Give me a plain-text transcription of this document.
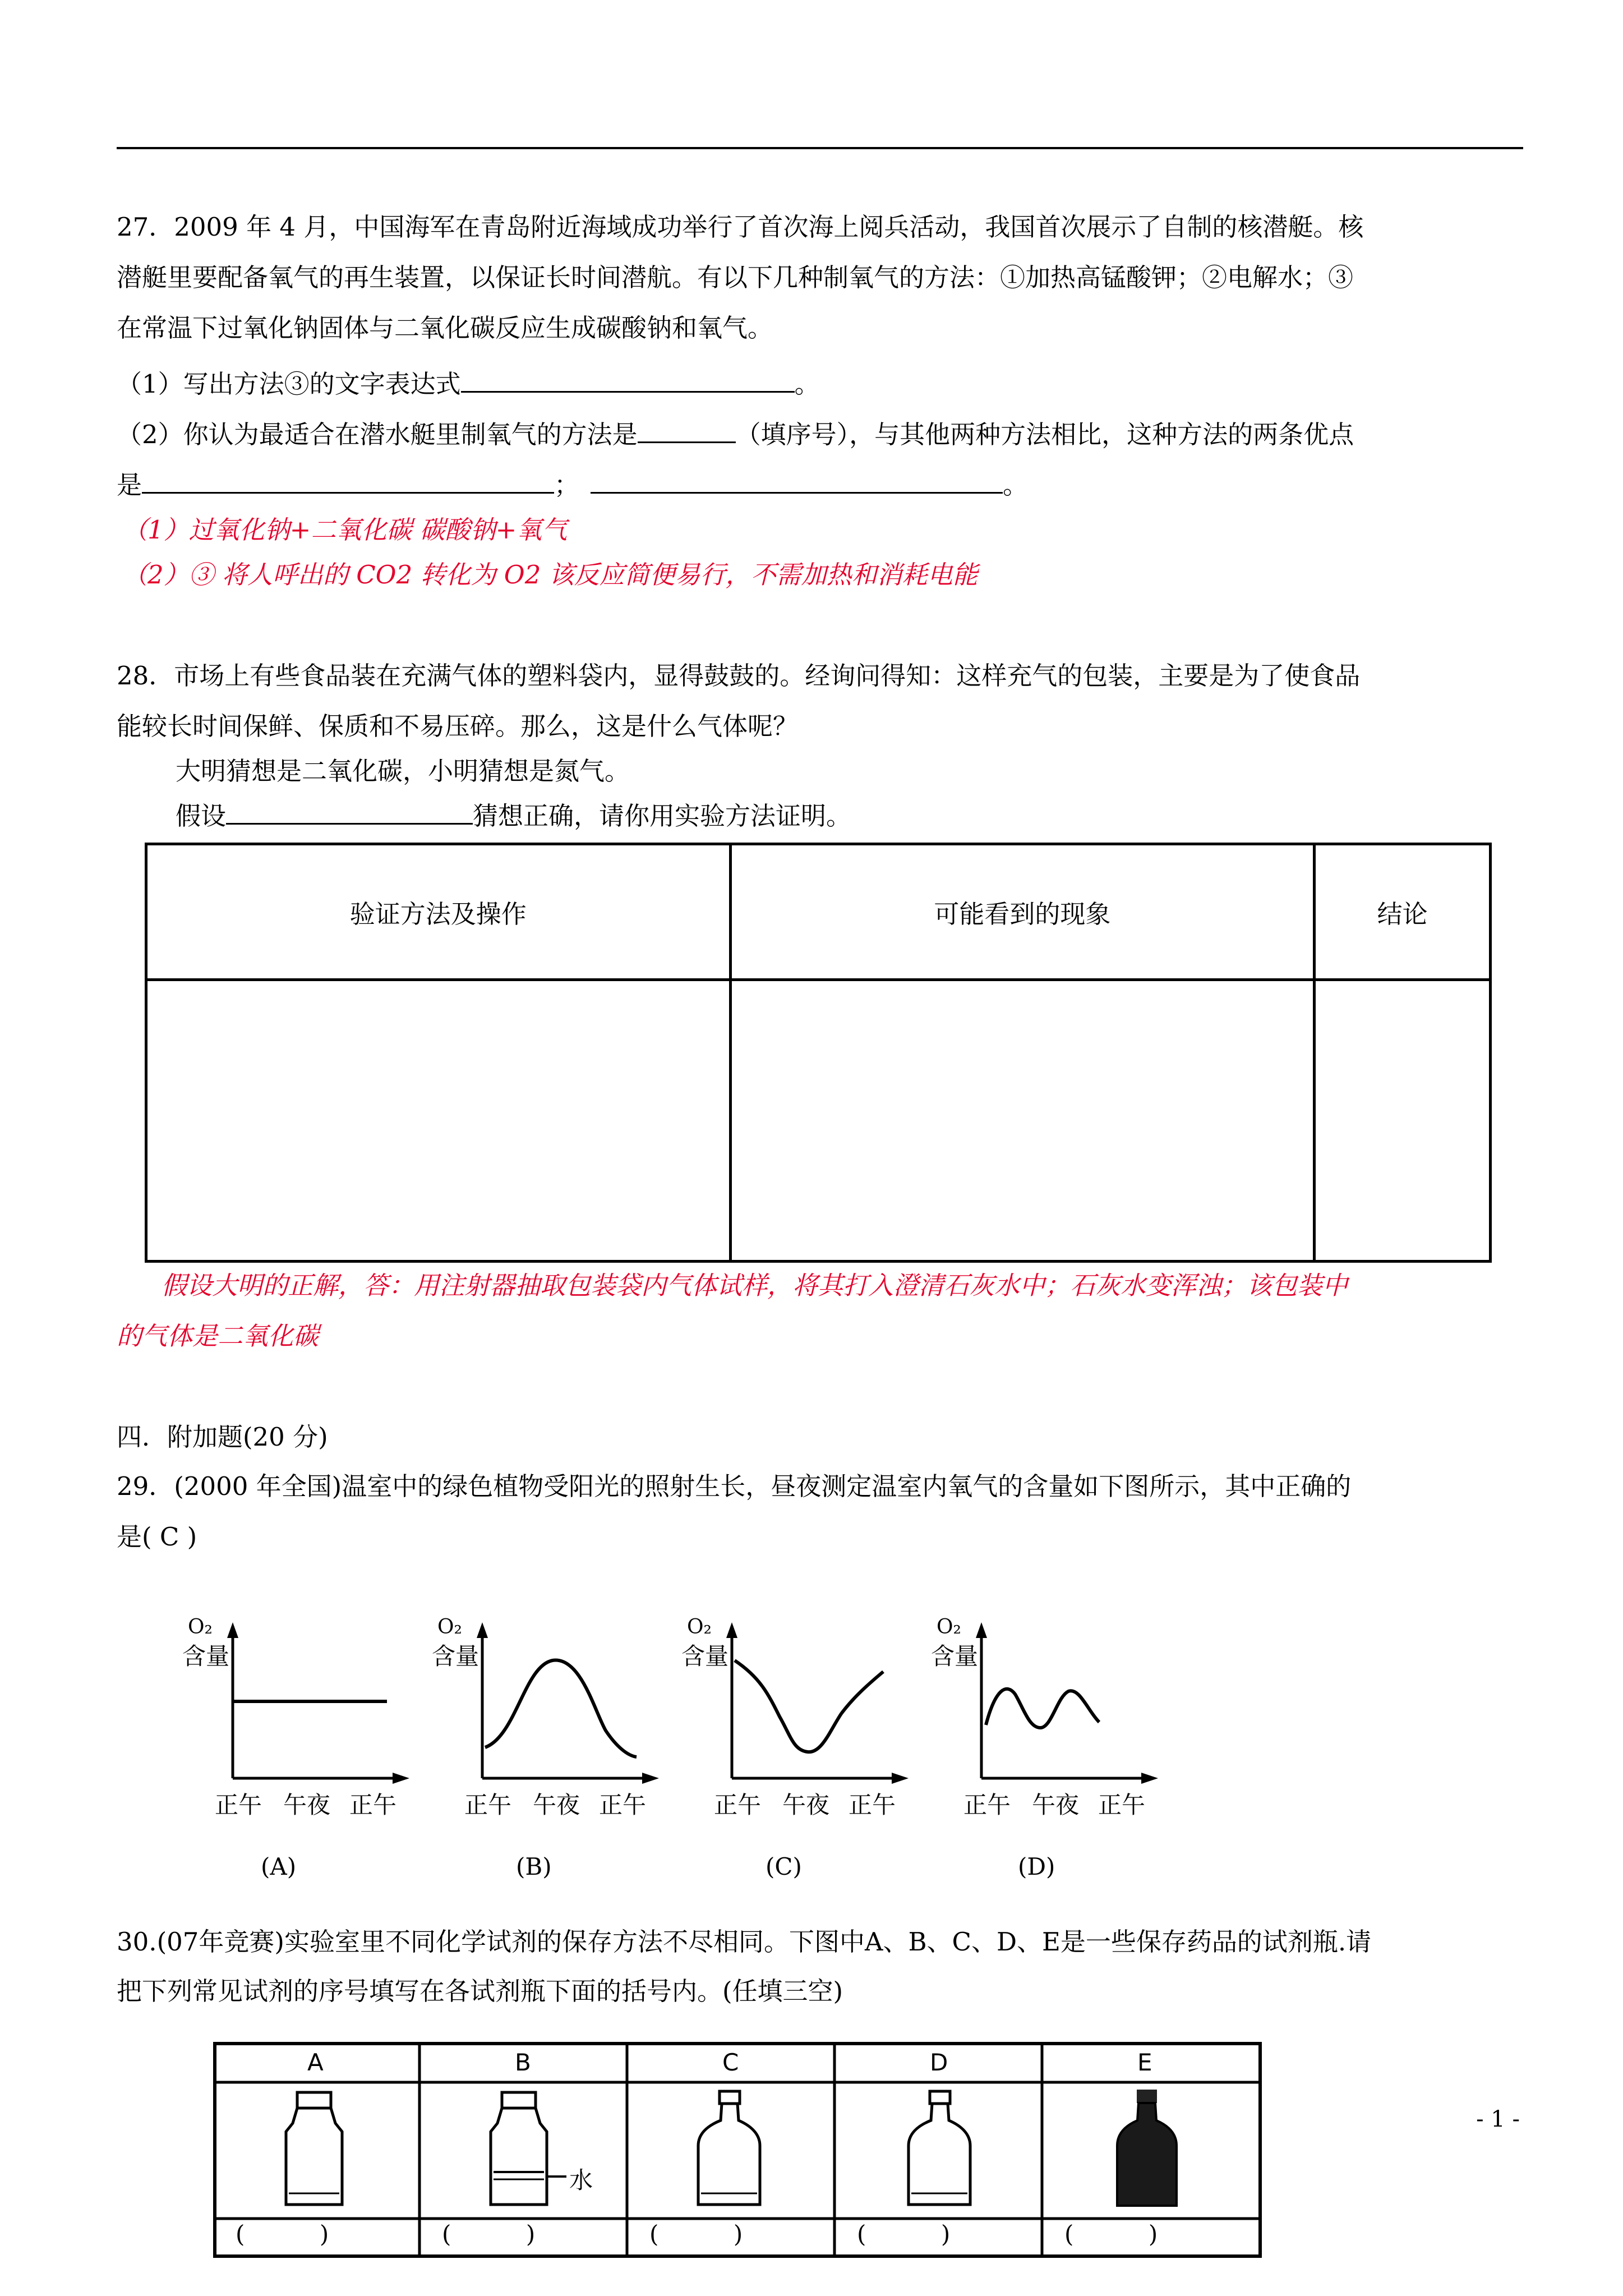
27．2009 年 4 月，中国海军在青岛附近海域成功举行了首次海上阅兵活动，我国首次展示了自制的核潜艇。核
潜艇里要配备氧气的再生装置，以保证长时间潜航。有以下几种制氧气的方法：①加热高锰酸钾；②电解水；③
在常温下过氧化钠固体与二氧化碳反应生成碳酸钠和氧气。
（1）写出方法③的文字表达式	。
（2）你认为最适合在潜水艇里制氧气的方法是	（填序号），与其他两种方法相比，这种方法的两条优点
是	；	。
（1）过氧化钠+二氧化碳 碳酸钠+氧气
（2）③ 将人呼出的 CO2 转化为 O2 该反应简便易行，不需加热和消耗电能
28．市场上有些食品装在充满气体的塑料袋内，显得鼓鼓的。经询问得知：这样充气的包装，主要是为了使食品
能较长时间保鲜、保质和不易压碎。那么，这是什么气体呢？
大明猜想是二氧化碳，小明猜想是氮气。
假设	猜想正确，请你用实验方法证明。
验证方法及操作	可能看到的现象	结论

假设大明的正解，答：用注射器抽取包装袋内气体试样，将其打入澄清石灰水中；石灰水变浑浊；该包装中
的气体是二氧化碳
四．附加题(20 分)
29．(2000 年全国)温室中的绿色植物受阳光的照射生长，昼夜测定温室内氧气的含量如下图所示，其中正确的
是( C )
O₂
含量
正午 午夜 正午
(A)
O₂
含量
正午 午夜 正午
(B)
O₂
含量
正午 午夜 正午
(C)
O₂
含量
正午 午夜 正午
(D)
30.(07年竞赛)实验室里不同化学试剂的保存方法不尽相同。下图中A、B、C、D、E是一些保存药品的试剂瓶.请
把下列常见试剂的序号填写在各试剂瓶下面的括号内。(任填三空)
A	B	C	D	E
水
(          )	(          )	(          )	(          )	(          )
- 1 -
